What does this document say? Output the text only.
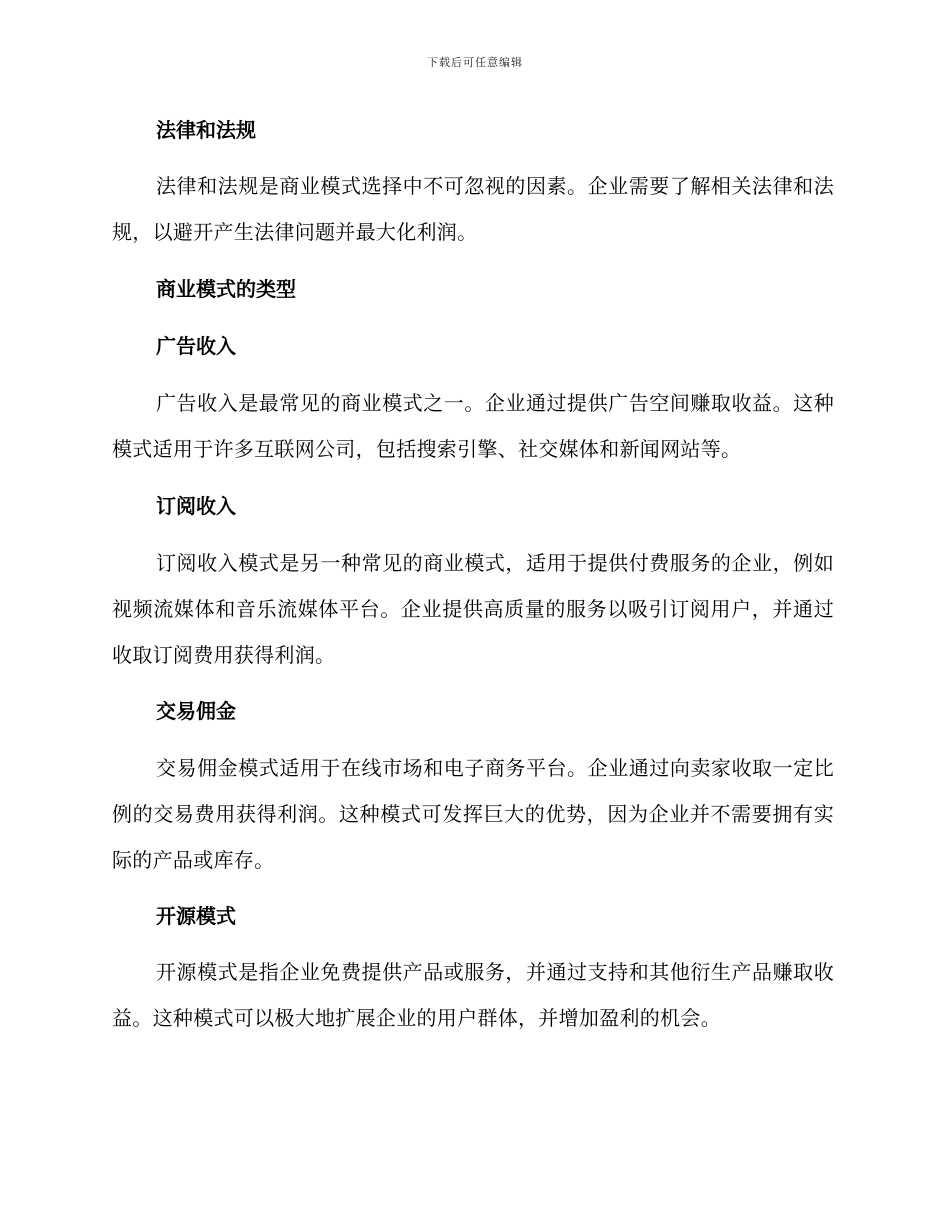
下载后可任意编辑
法律和法规
法律和法规是商业模式选择中不可忽视的因素。企业需要了解相关法律和法规，以避开产生法律问题并最大化利润。
商业模式的类型
广告收入
广告收入是最常见的商业模式之一。企业通过提供广告空间赚取收益。这种模式适用于许多互联网公司，包括搜索引擎、社交媒体和新闻网站等。
订阅收入
订阅收入模式是另一种常见的商业模式，适用于提供付费服务的企业，例如视频流媒体和音乐流媒体平台。企业提供高质量的服务以吸引订阅用户，并通过收取订阅费用获得利润。
交易佣金
交易佣金模式适用于在线市场和电子商务平台。企业通过向卖家收取一定比例的交易费用获得利润。这种模式可发挥巨大的优势，因为企业并不需要拥有实际的产品或库存。
开源模式
开源模式是指企业免费提供产品或服务，并通过支持和其他衍生产品赚取收益。这种模式可以极大地扩展企业的用户群体，并增加盈利的机会。
